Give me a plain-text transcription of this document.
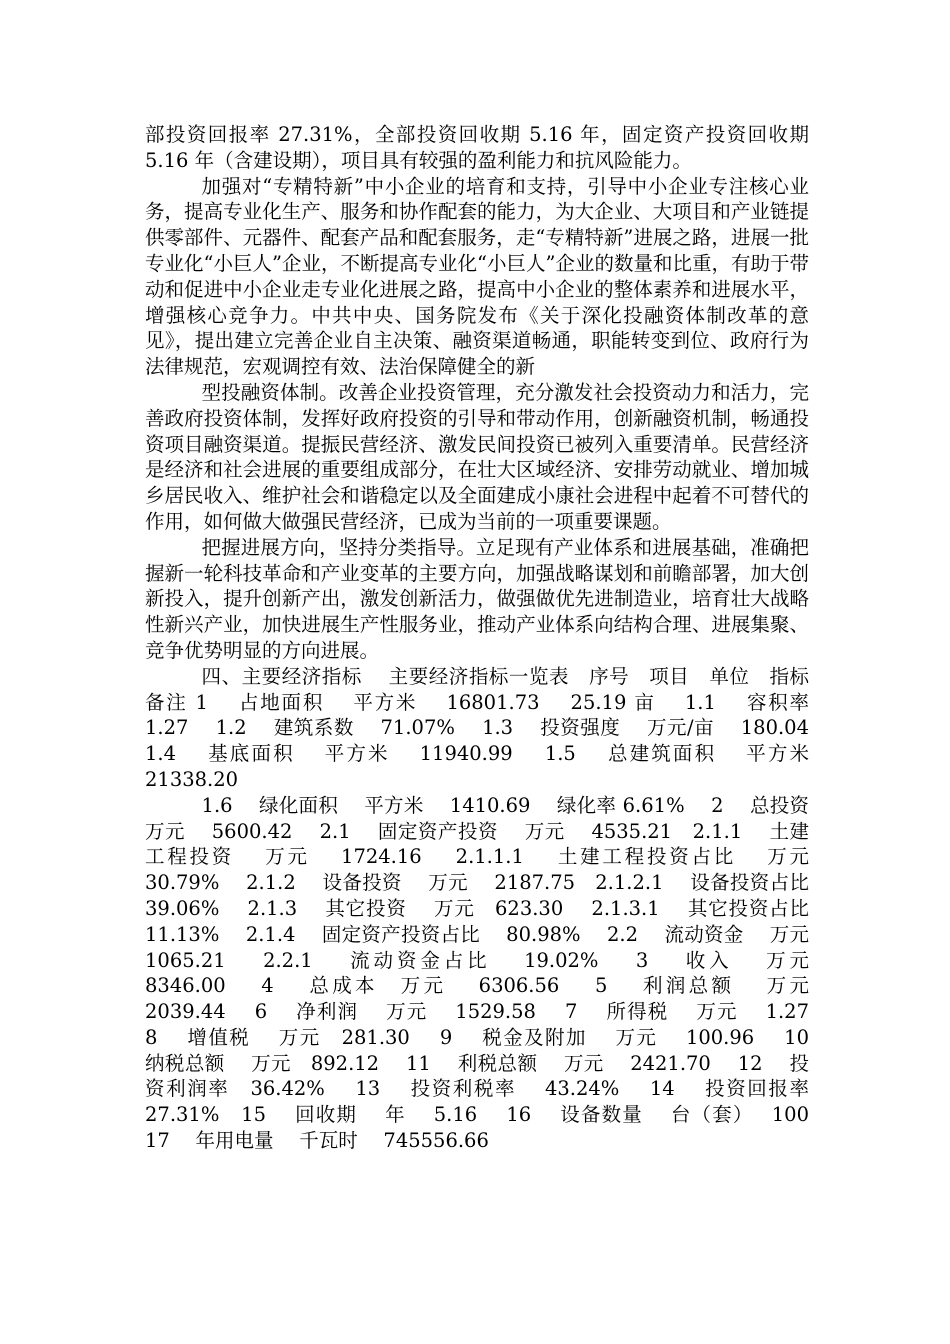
部投资回报率 27.31%，全部投资回收期 5.16 年，固定资产投资回收期 5.16 年（含建设期），项目具有较强的盈利能力和抗风险能力。

加强对“专精特新”中小企业的培育和支持，引导中小企业专注核心业务，提高专业化生产、服务和协作配套的能力，为大企业、大项目和产业链提供零部件、元器件、配套产品和配套服务，走“专精特新”进展之路，进展一批专业化“小巨人”企业，不断提高专业化“小巨人”企业的数量和比重，有助于带动和促进中小企业走专业化进展之路，提高中小企业的整体素养和进展水平，增强核心竞争力。中共中央、国务院发布《关于深化投融资体制改革的意见》，提出建立完善企业自主决策、融资渠道畅通，职能转变到位、政府行为法律规范，宏观调控有效、法治保障健全的新

型投融资体制。改善企业投资管理，充分激发社会投资动力和活力，完善政府投资体制，发挥好政府投资的引导和带动作用，创新融资机制，畅通投资项目融资渠道。提振民营经济、激发民间投资已被列入重要清单。民营经济是经济和社会进展的重要组成部分，在壮大区域经济、安排劳动就业、增加城乡居民收入、维护社会和谐稳定以及全面建成小康社会进程中起着不可替代的作用，如何做大做强民营经济，已成为当前的一项重要课题。

把握进展方向，坚持分类指导。立足现有产业体系和进展基础，准确把握新一轮科技革命和产业变革的主要方向，加强战略谋划和前瞻部署，加大创新投入，提升创新产出，激发创新活力，做强做优先进制造业，培育壮大战略性新兴产业，加快进展生产性服务业，推动产业体系向结构合理、进展集聚、竞争优势明显的方向进展。

四、主要经济指标　 主要经济指标一览表　序号　项目　单位　指标　备注 1　 占地面积　 平方米　 16801.73　 25.19 亩　 1.1　 容积率　 1.27　 1.2　 建筑系数　 71.07%　 1.3　 投资强度　 万元/亩　 180.04　 1.4　 基底面积　 平方米　 11940.99　 1.5　 总建筑面积　 平方米　 21338.20

1.6　 绿化面积　 平方米　 1410.69　 绿化率 6.61%　 2　 总投资　 万元　 5600.42　 2.1　 固定资产投资　 万元　 4535.21　2.1.1　 土建工程投资　 万元　 1724.16　 2.1.1.1　 土建工程投资占比　 万元　 30.79%　 2.1.2　 设备投资　 万元　 2187.75　2.1.2.1　 设备投资占比　 39.06%　 2.1.3　 其它投资　 万元　623.30　 2.1.3.1　 其它投资占比　 11.13%　 2.1.4　 固定资产投资占比　 80.98%　 2.2　 流动资金　 万元　 1065.21　 2.2.1　 流动资金占比　 19.02%　 3　 收入　 万元　 8346.00　 4　 总成本　万元　 6306.56　 5　 利润总额　 万元　 2039.44　 6　 净利润　 万元　 1529.58　 7　 所得税　 万元　 1.27　 8　 增值税　 万元　281.30　 9　 税金及附加　 万元　 100.96　 10　 纳税总额　 万元　892.12　 11　 利税总额　 万元　 2421.70　 12　 投资利润率　36.42%　 13　 投资利税率　 43.24%　 14　 投资回报率　 27.31%　15　 回收期　 年　 5.16　 16　 设备数量　 台（套）　 100　 17　 年用电量　 千瓦时　 745556.66
